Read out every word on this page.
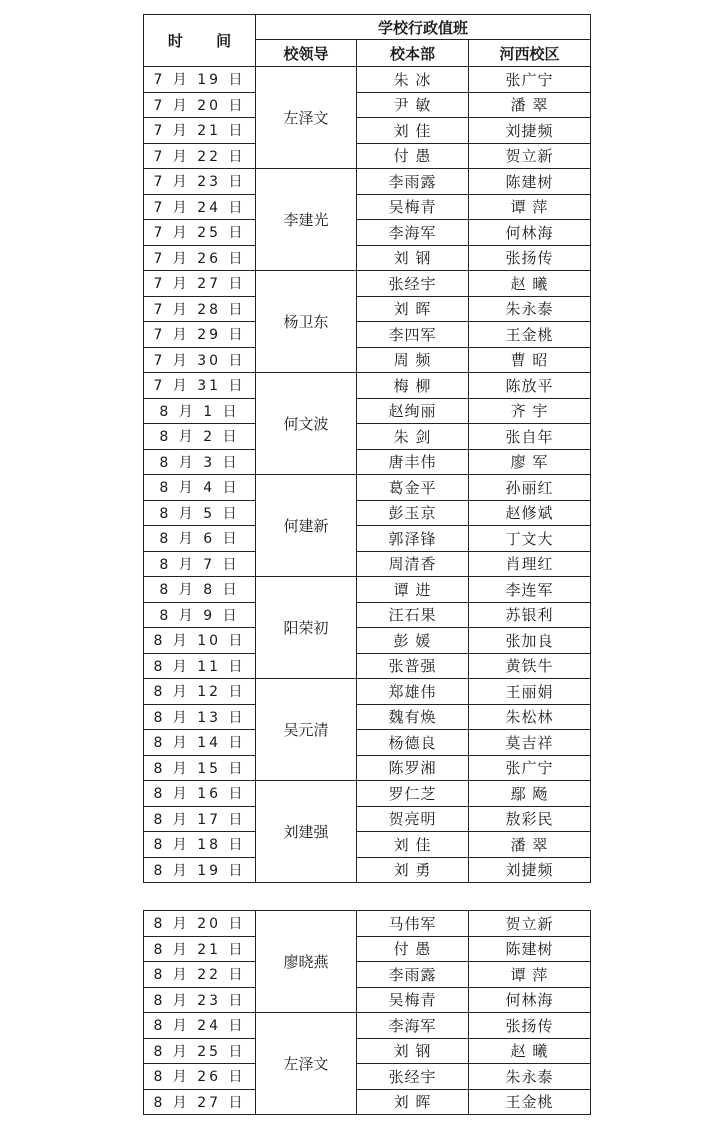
时 间	学校行政值班		
	校领导	校本部	河西校区
7 月 19 日	左泽文	朱 冰	张广宁
7 月 20 日		尹 敏	潘 翠
7 月 21 日		刘 佳	刘捷频
7 月 22 日		付 愚	贺立新
7 月 23 日	李建光	李雨露	陈建树
7 月 24 日		吴梅青	谭 萍
7 月 25 日		李海军	何林海
7 月 26 日		刘 钢	张扬传
7 月 27 日	杨卫东	张经宇	赵 曦
7 月 28 日		刘 晖	朱永泰
7 月 29 日		李四军	王金桃
7 月 30 日		周 频	曹 昭
7 月 31 日	何文波	梅 柳	陈放平
8 月 1 日		赵绚丽	齐 宇
8 月 2 日		朱 剑	张自年
8 月 3 日		唐丰伟	廖 军
8 月 4 日	何建新	葛金平	孙丽红
8 月 5 日		彭玉京	赵修斌
8 月 6 日		郭泽锋	丁文大
8 月 7 日		周清香	肖理红
8 月 8 日	阳荣初	谭 进	李连军
8 月 9 日		汪石果	苏银利
8 月 10 日		彭 媛	张加良
8 月 11 日		张普强	黄铁牛
8 月 12 日	吴元清	郑雄伟	王丽娟
8 月 13 日		魏有焕	朱松林
8 月 14 日		杨德良	莫吉祥
8 月 15 日		陈罗湘	张广宁
8 月 16 日	刘建强	罗仁芝	鄢 飏
8 月 17 日		贺亮明	敖彩民
8 月 18 日		刘 佳	潘 翠
8 月 19 日		刘 勇	刘捷频
8 月 20 日	廖晓燕	马伟军	贺立新
8 月 21 日		付 愚	陈建树
8 月 22 日		李雨露	谭 萍
8 月 23 日		吴梅青	何林海
8 月 24 日	左泽文	李海军	张扬传
8 月 25 日		刘 钢	赵 曦
8 月 26 日		张经宇	朱永泰
8 月 27 日		刘 晖	王金桃
